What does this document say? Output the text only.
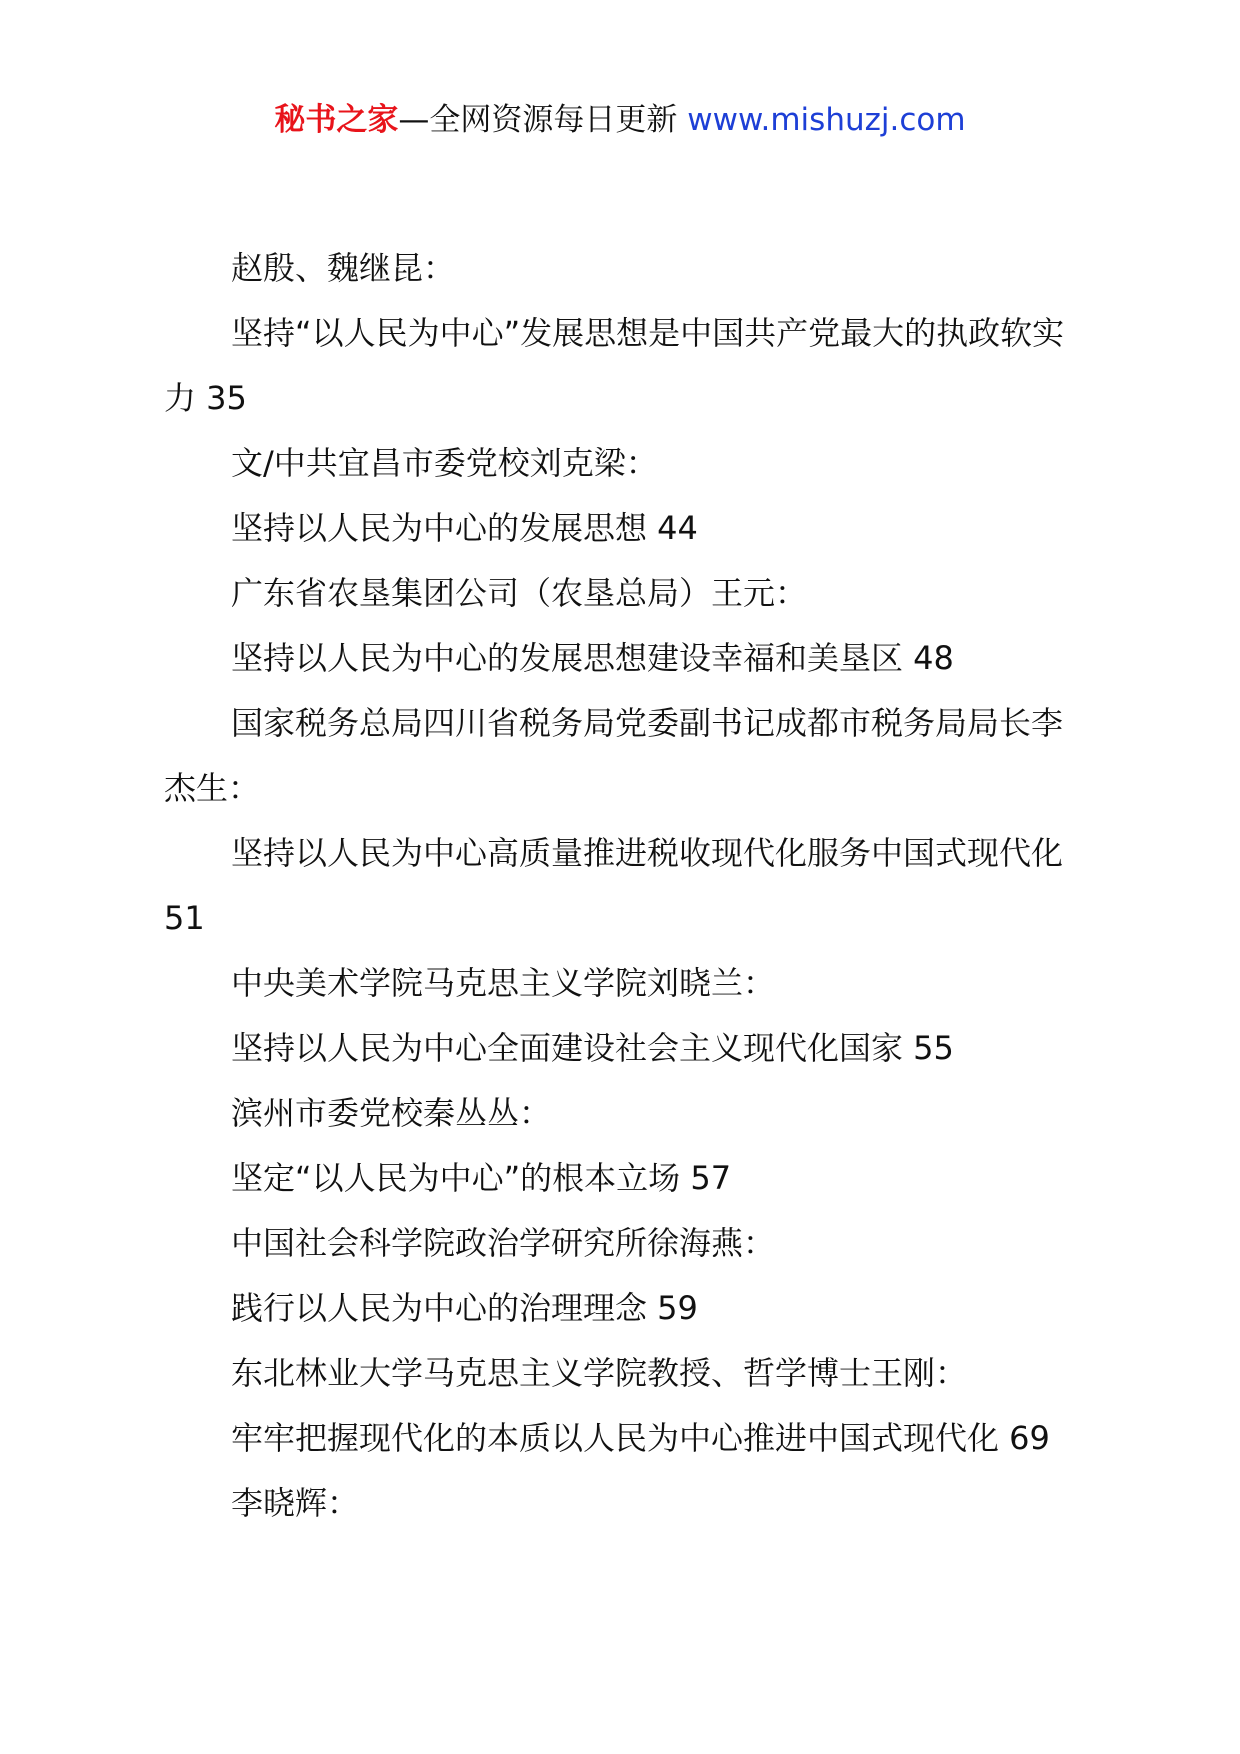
秘书之家—全网资源每日更新 www.mishuzj.com

赵殷、魏继昆：

坚持“以人民为中心”发展思想是中国共产党最大的执政软实力 35

文/中共宜昌市委党校刘克梁：

坚持以人民为中心的发展思想 44

广东省农垦集团公司（农垦总局）王元：

坚持以人民为中心的发展思想建设幸福和美垦区 48

国家税务总局四川省税务局党委副书记成都市税务局局长李杰生：

坚持以人民为中心高质量推进税收现代化服务中国式现代化 51

中央美术学院马克思主义学院刘晓兰：

坚持以人民为中心全面建设社会主义现代化国家 55

滨州市委党校秦丛丛：

坚定“以人民为中心”的根本立场 57

中国社会科学院政治学研究所徐海燕：

践行以人民为中心的治理理念 59

东北林业大学马克思主义学院教授、哲学博士王刚：

牢牢把握现代化的本质以人民为中心推进中国式现代化 69

李晓辉：
